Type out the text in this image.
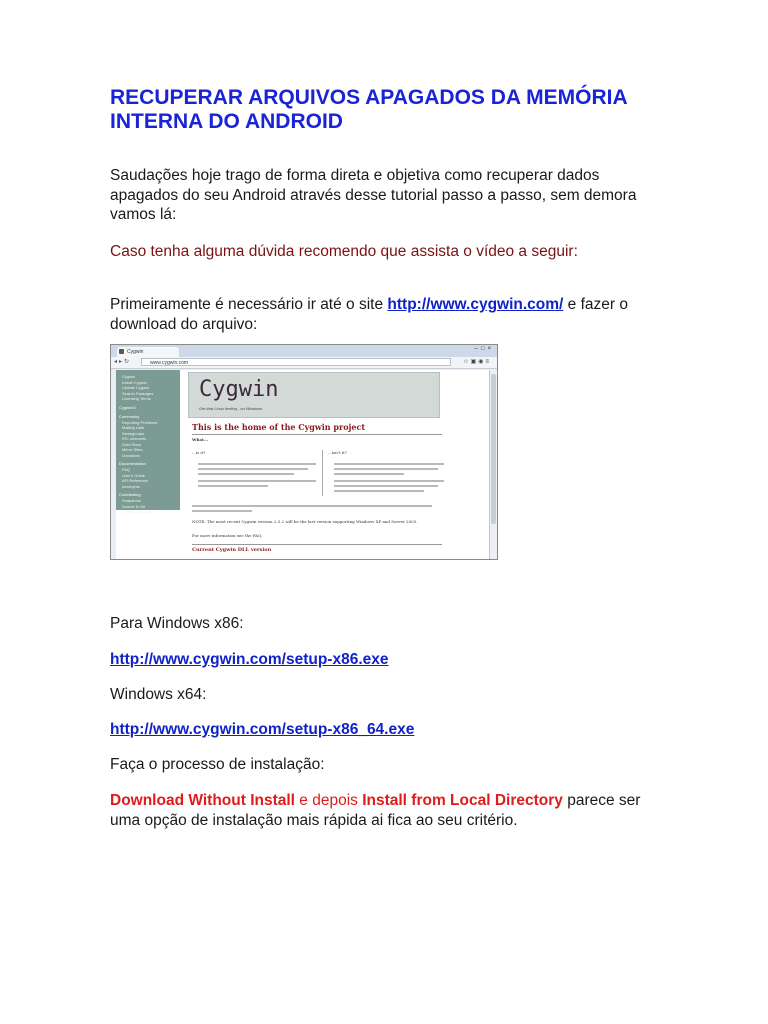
RECUPERAR ARQUIVOS APAGADOS DA MEMÓRIA INTERNA DO ANDROID

Saudações hoje trago de forma direta e objetiva como recuperar dados apagados do seu Android através desse tutorial passo a passo, sem demora vamos lá:

Caso tenha alguma dúvida recomendo que assista o vídeo a seguir:

Primeiramente é necessário ir até o site http://www.cygwin.com/ e fazer o download do arquivo:

Cygwin	–□×
◂▸↻	www.cygwin.com	☆▣◉≡
Cygwin
Install Cygwin
Update Cygwin
Search Packages
Licensing Terms
Cygwin/X
Community
Reporting Problems
Mailing Lists
Newsgroups
IRC channels
Gold Stars
Mirror Sites
Donations
Documentation
FAQ
User's Guide
API Reference
Acronyms
Contributing
Snapshots
Source in Git
Cygwin Packages
Cygwin
Get that Linux feeling - on Windows
This is the home of the Cygwin project
What...
...is it?	...isn't it?
NOTE: The most recent Cygwin version 2.5.2 will be the last version supporting Windows XP and Server 2003.
For more information see the FAQ.
Current Cygwin DLL version

Para Windows x86:

http://www.cygwin.com/setup-x86.exe

Windows x64:

http://www.cygwin.com/setup-x86_64.exe

Faça o processo de instalação:

Download Without Install e depois Install from Local Directory parece ser uma opção de instalação mais rápida ai fica ao seu critério.
